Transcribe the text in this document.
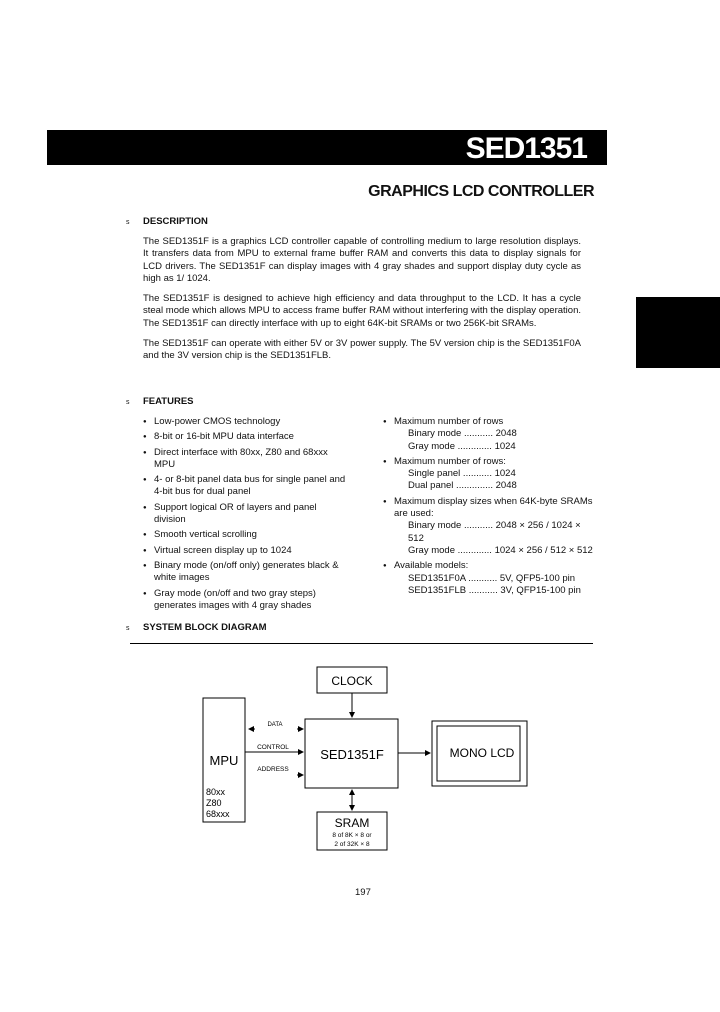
SED1351
GRAPHICS LCD CONTROLLER
s DESCRIPTION
The SED1351F is a graphics LCD controller capable of controlling medium to large resolution displays. It transfers data from MPU to external frame buffer RAM and converts this data to display signals for LCD drivers. The SED1351F can display images with 4 gray shades and support display duty cycle as high as 1/ 1024.
The SED1351F is designed to achieve high efficiency and data throughput to the LCD. It has a cycle steal mode which allows MPU to access frame buffer RAM without interfering with the display operation. The SED1351F can directly interface with up to eight 64K-bit SRAMs or two 256K-bit SRAMs.
The SED1351F can operate with either 5V or 3V power supply. The 5V version chip is the SED1351F0A and the 3V version chip is the SED1351FLB.
s FEATURES
● Low-power CMOS technology
● 8-bit or 16-bit MPU data interface
● Direct interface with 80xx, Z80 and 68xxx MPU
● 4- or 8-bit panel data bus for single panel and 4-bit bus for dual panel
● Support logical OR of layers and panel division
● Smooth vertical scrolling
● Virtual screen display up to 1024
● Binary mode (on/off only) generates black & white images
● Gray mode (on/off and two gray steps) generates images with 4 gray shades
● Maximum number of rows
Binary mode ........... 2048
Gray mode ............. 1024
● Maximum number of rows:
Single panel ........... 1024
Dual panel .............. 2048
● Maximum display sizes when 64K-byte SRAMs are used:
Binary mode ........... 2048 × 256 / 1024 × 512
Gray mode ............. 1024 × 256 / 512 × 512
● Available models:
SED1351F0A ........... 5V, QFP5-100 pin
SED1351FLB ........... 3V, QFP15-100 pin
s SYSTEM BLOCK DIAGRAM
CLOCK
MPU
80xx
Z80
68xxx
DATA
CONTROL
ADDRESS
SED1351F	MONO LCD
SRAM
8 of 8K × 8 or
2 of 32K × 8
197
